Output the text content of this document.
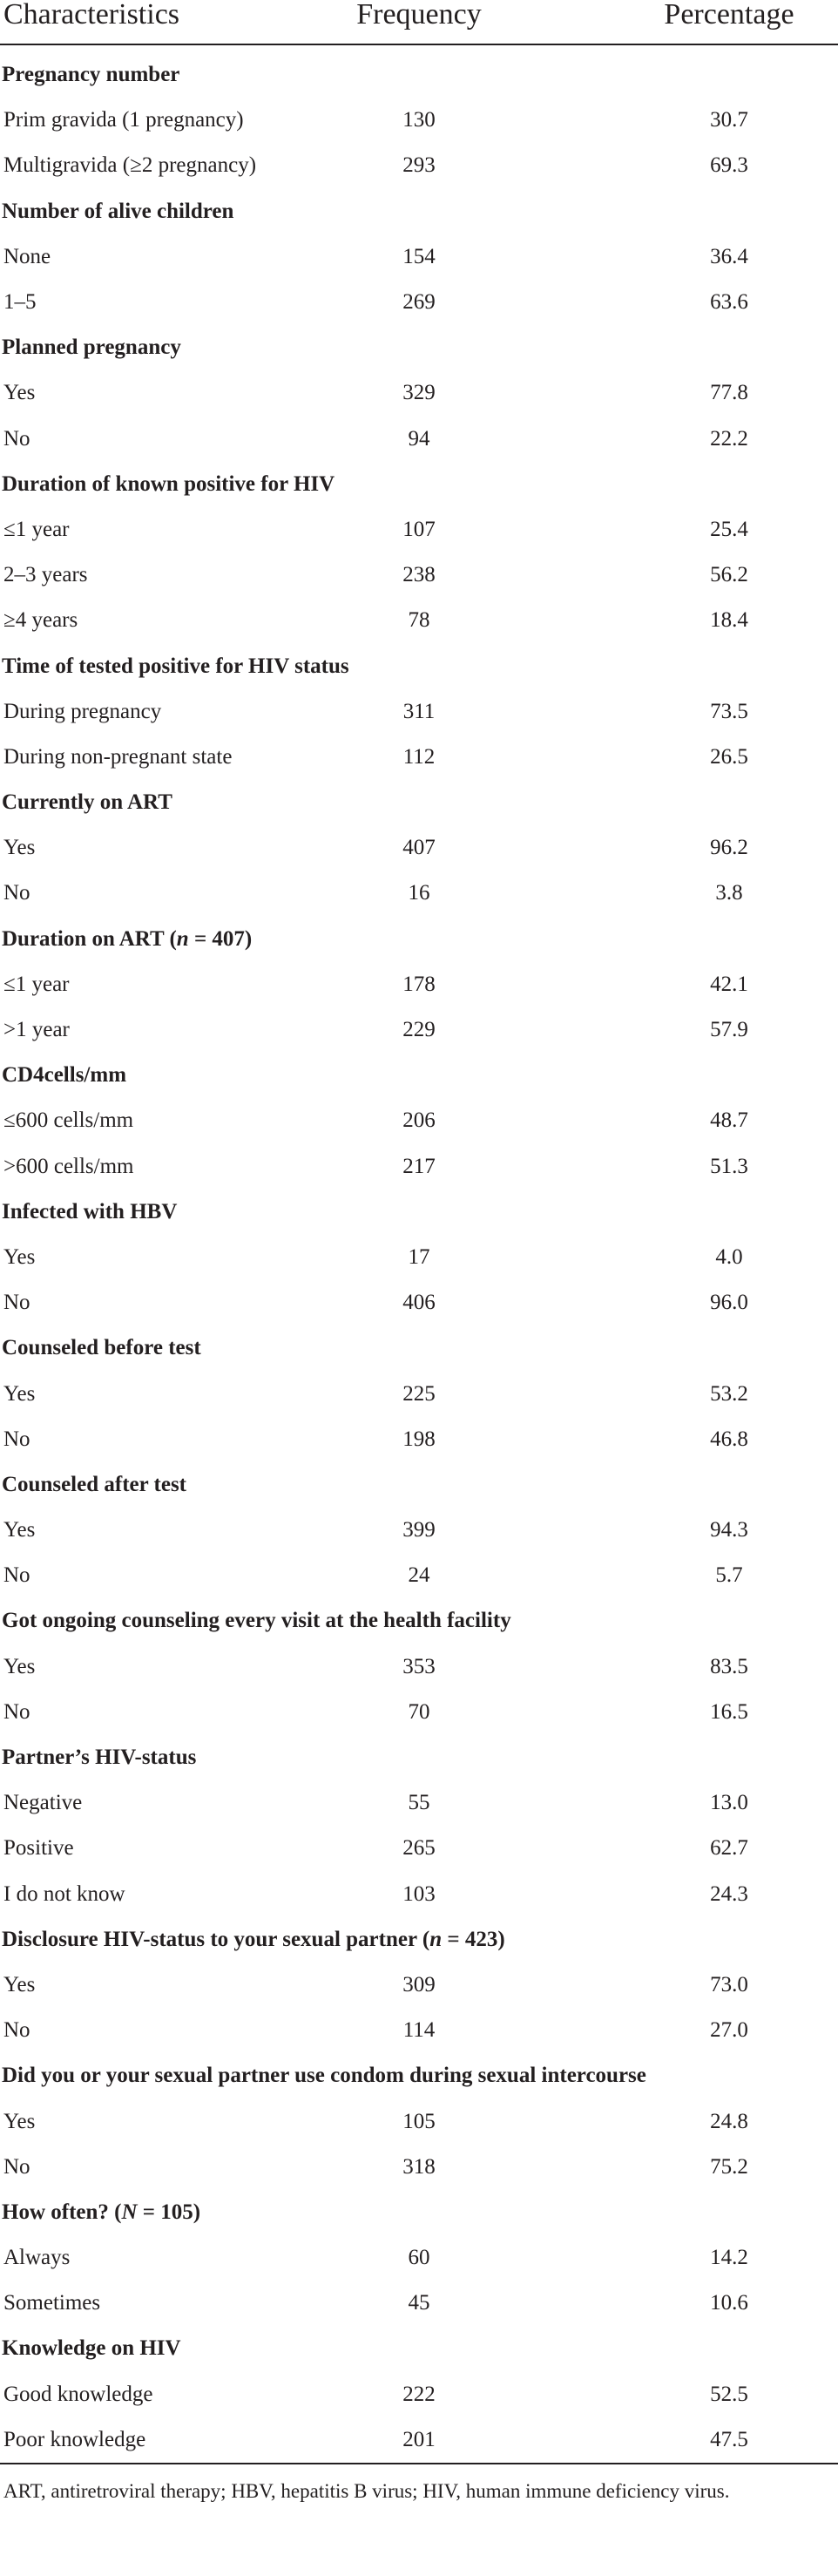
Characteristics	Frequency	Percentage

Pregnancy number		
Prim gravida (1 pregnancy)	130	30.7
Multigravida (≥2 pregnancy)	293	69.3
Number of alive children		
None	154	36.4
1–5	269	63.6
Planned pregnancy		
Yes	329	77.8
No	94	22.2
Duration of known positive for HIV		
≤1 year	107	25.4
2–3 years	238	56.2
≥4 years	78	18.4
Time of tested positive for HIV status		
During pregnancy	311	73.5
During non-pregnant state	112	26.5
Currently on ART		
Yes	407	96.2
No	16	3.8
Duration on ART (n = 407)		
≤1 year	178	42.1
>1 year	229	57.9
CD4cells/mm		
≤600 cells/mm	206	48.7
>600 cells/mm	217	51.3
Infected with HBV		
Yes	17	4.0
No	406	96.0
Counseled before test		
Yes	225	53.2
No	198	46.8
Counseled after test		
Yes	399	94.3
No	24	5.7
Got ongoing counseling every visit at the health facility		
Yes	353	83.5
No	70	16.5
Partner’s HIV-status		
Negative	55	13.0
Positive	265	62.7
I do not know	103	24.3
Disclosure HIV-status to your sexual partner (n = 423)		
Yes	309	73.0
No	114	27.0
Did you or your sexual partner use condom during sexual intercourse		
Yes	105	24.8
No	318	75.2
How often? (N = 105)		
Always	60	14.2
Sometimes	45	10.6
Knowledge on HIV		
Good knowledge	222	52.5
Poor knowledge	201	47.5

ART, antiretroviral therapy; HBV, hepatitis B virus; HIV, human immune deficiency virus.
